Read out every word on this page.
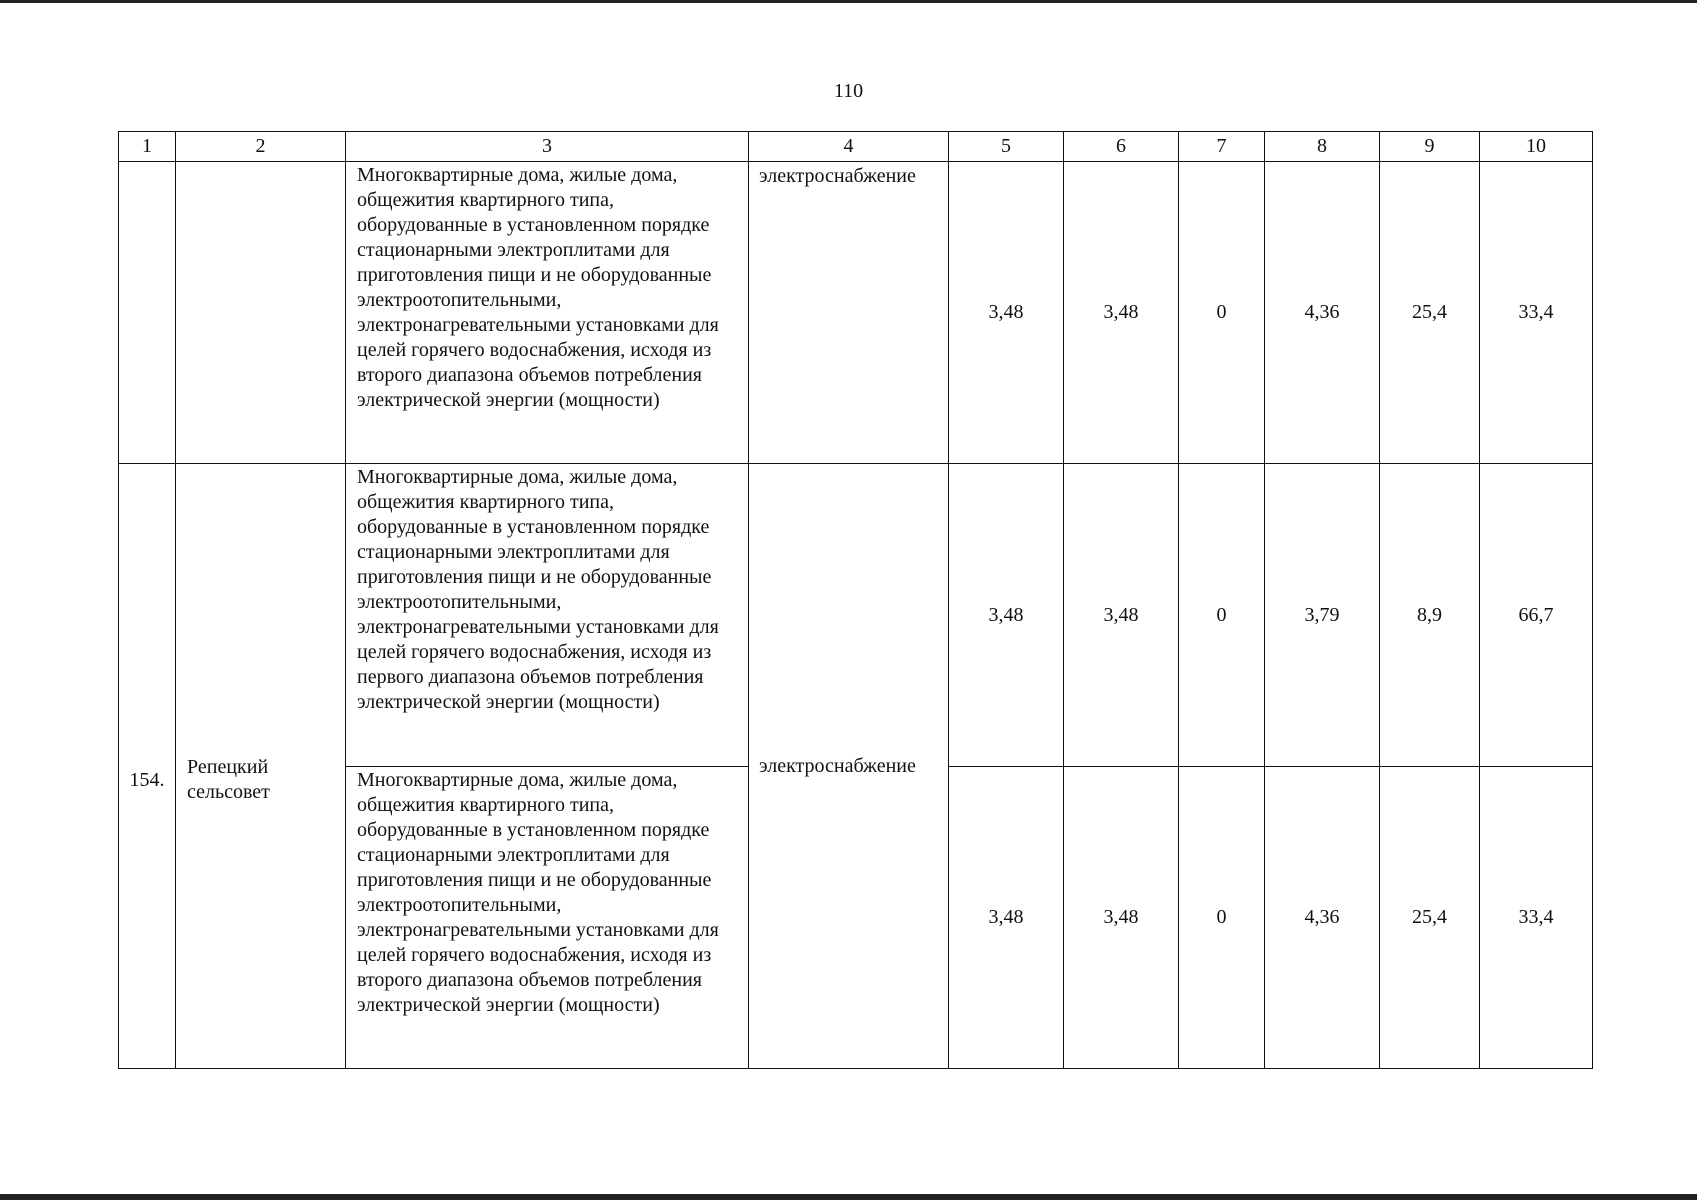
110
1	2	3	4	5	6	7	8	9	10
		Многоквартирные дома, жилые дома, общежития квартирного типа, оборудованные в установленном порядке стационарными электроплитами для приготовления пищи и не оборудованные электроотопительными, электронагревательными установками для целей горячего водоснабжения, исходя из второго диапазона объемов потребления электрической энергии (мощности)	электроснабжение	3,48	3,48	0	4,36	25,4	33,4
154.	Репецкий сельсовет	Многоквартирные дома, жилые дома, общежития квартирного типа, оборудованные в установленном порядке стационарными электроплитами для приготовления пищи и не оборудованные электроотопительными, электронагревательными установками для целей горячего водоснабжения, исходя из первого диапазона объемов потребления электрической энергии (мощности)	электроснабжение	3,48	3,48	0	3,79	8,9	66,7
		Многоквартирные дома, жилые дома, общежития квартирного типа, оборудованные в установленном порядке стационарными электроплитами для приготовления пищи и не оборудованные электроотопительными, электронагревательными установками для целей горячего водоснабжения, исходя из второго диапазона объемов потребления электрической энергии (мощности)		3,48	3,48	0	4,36	25,4	33,4
